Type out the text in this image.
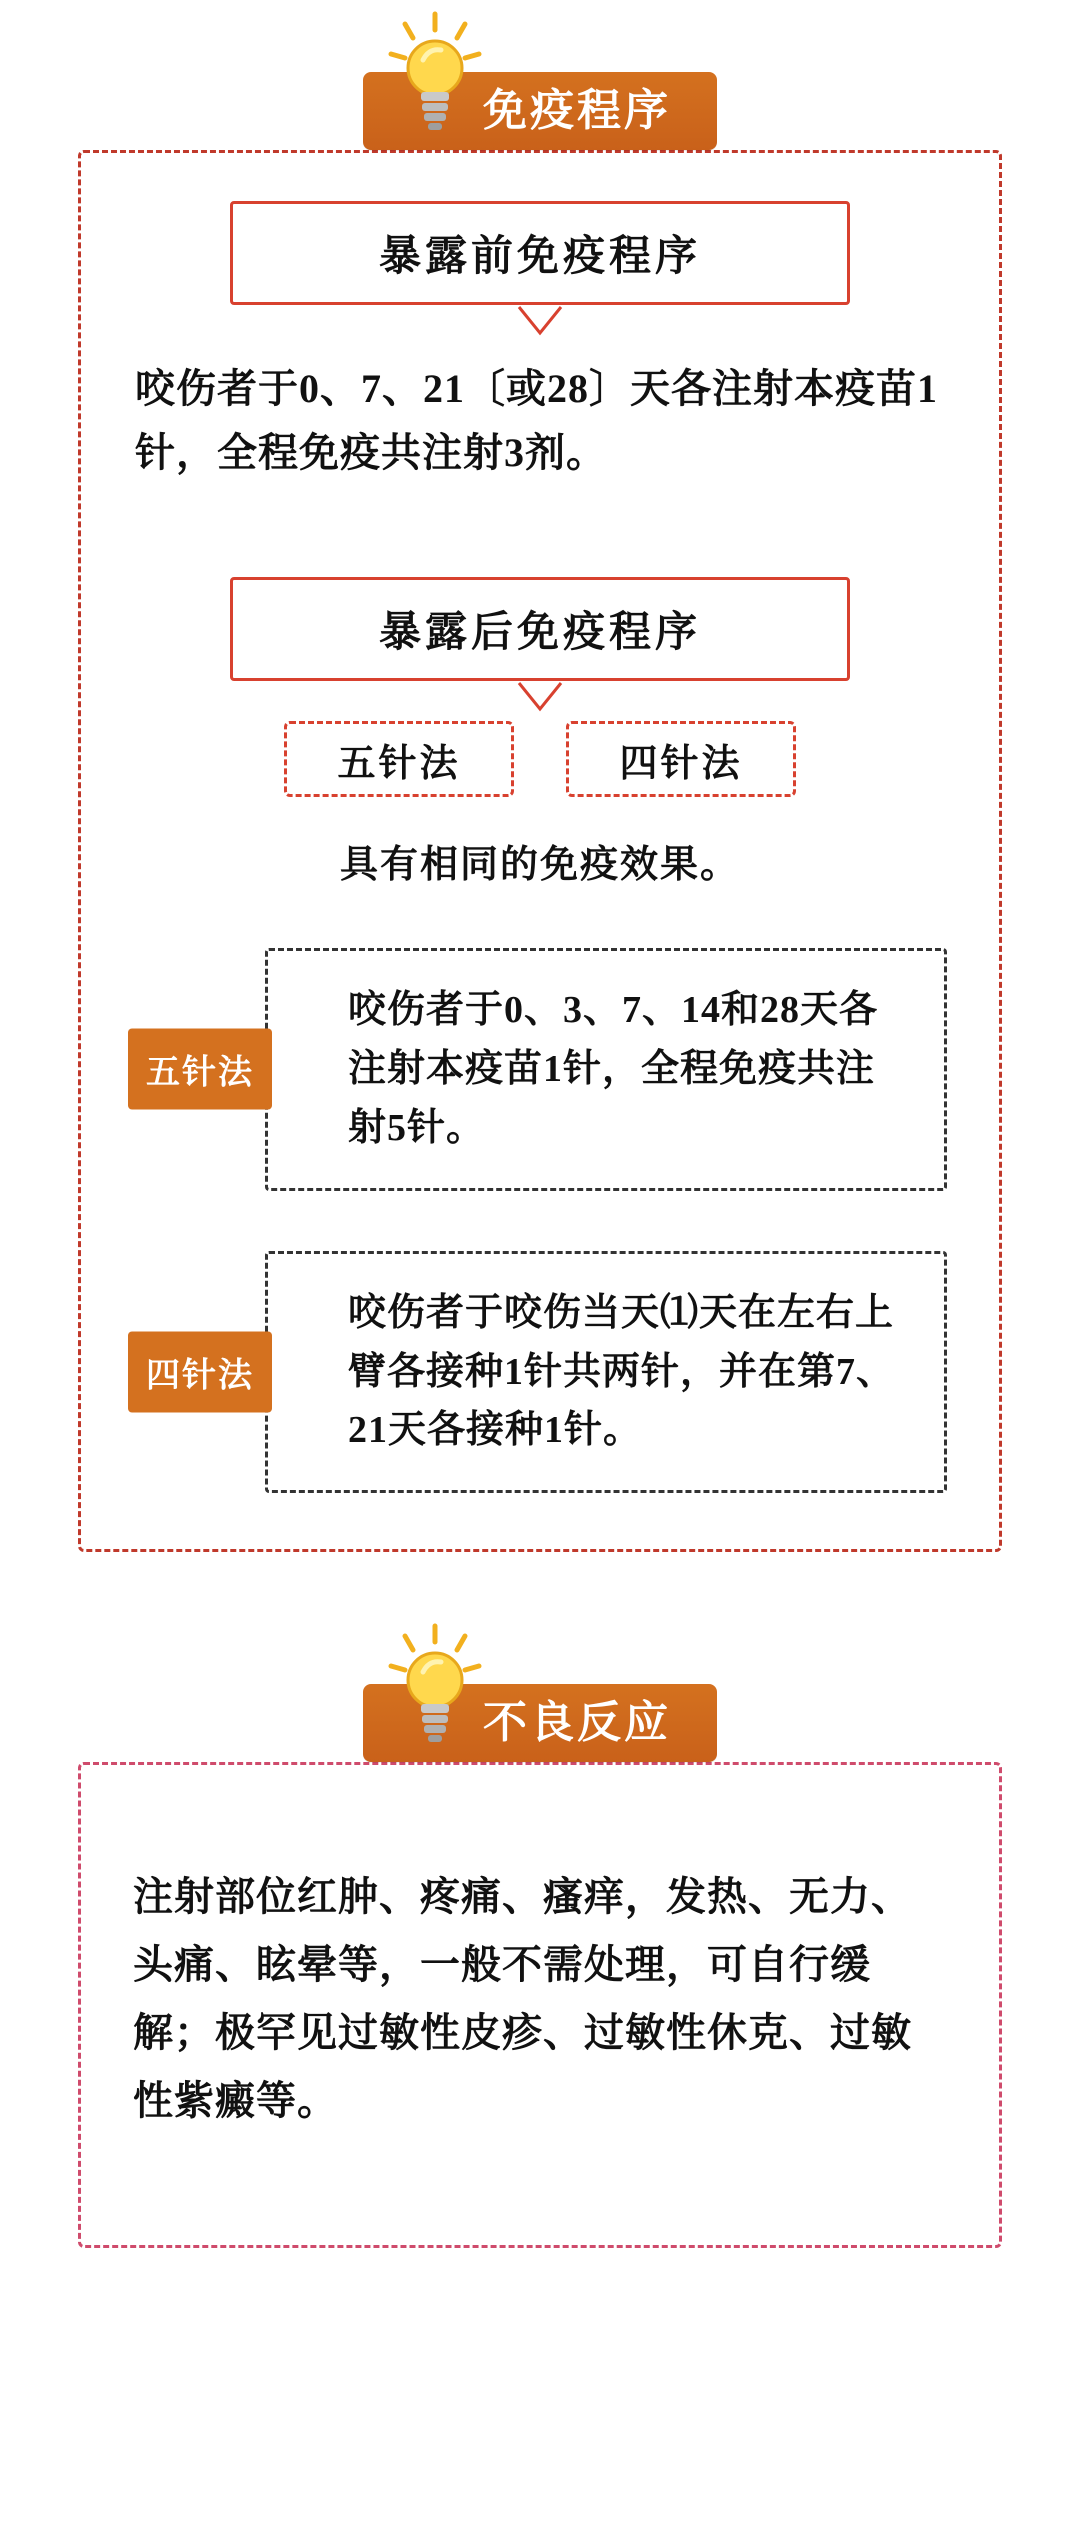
免疫程序
暴露前免疫程序

咬伤者于0、7、21〔或28〕天各注射本疫苗1针，全程免疫共注射3剂。

暴露后免疫程序
五针法	四针法
具有相同的免疫效果。
五针法
咬伤者于0、3、7、14和28天各注射本疫苗1针，全程免疫共注射5针。
四针法
咬伤者于咬伤当天⑴天⁠在左右上臂各接种1针⁠共两针⁠，并在第7、21天各接种1针。
不良反应

注射部位红肿、疼痛、瘙痒，发热、无力、头痛、眩晕等，一般不需处理，可自行缓解；极罕见过敏性皮疹、过敏性休克、过敏性紫癜等。
